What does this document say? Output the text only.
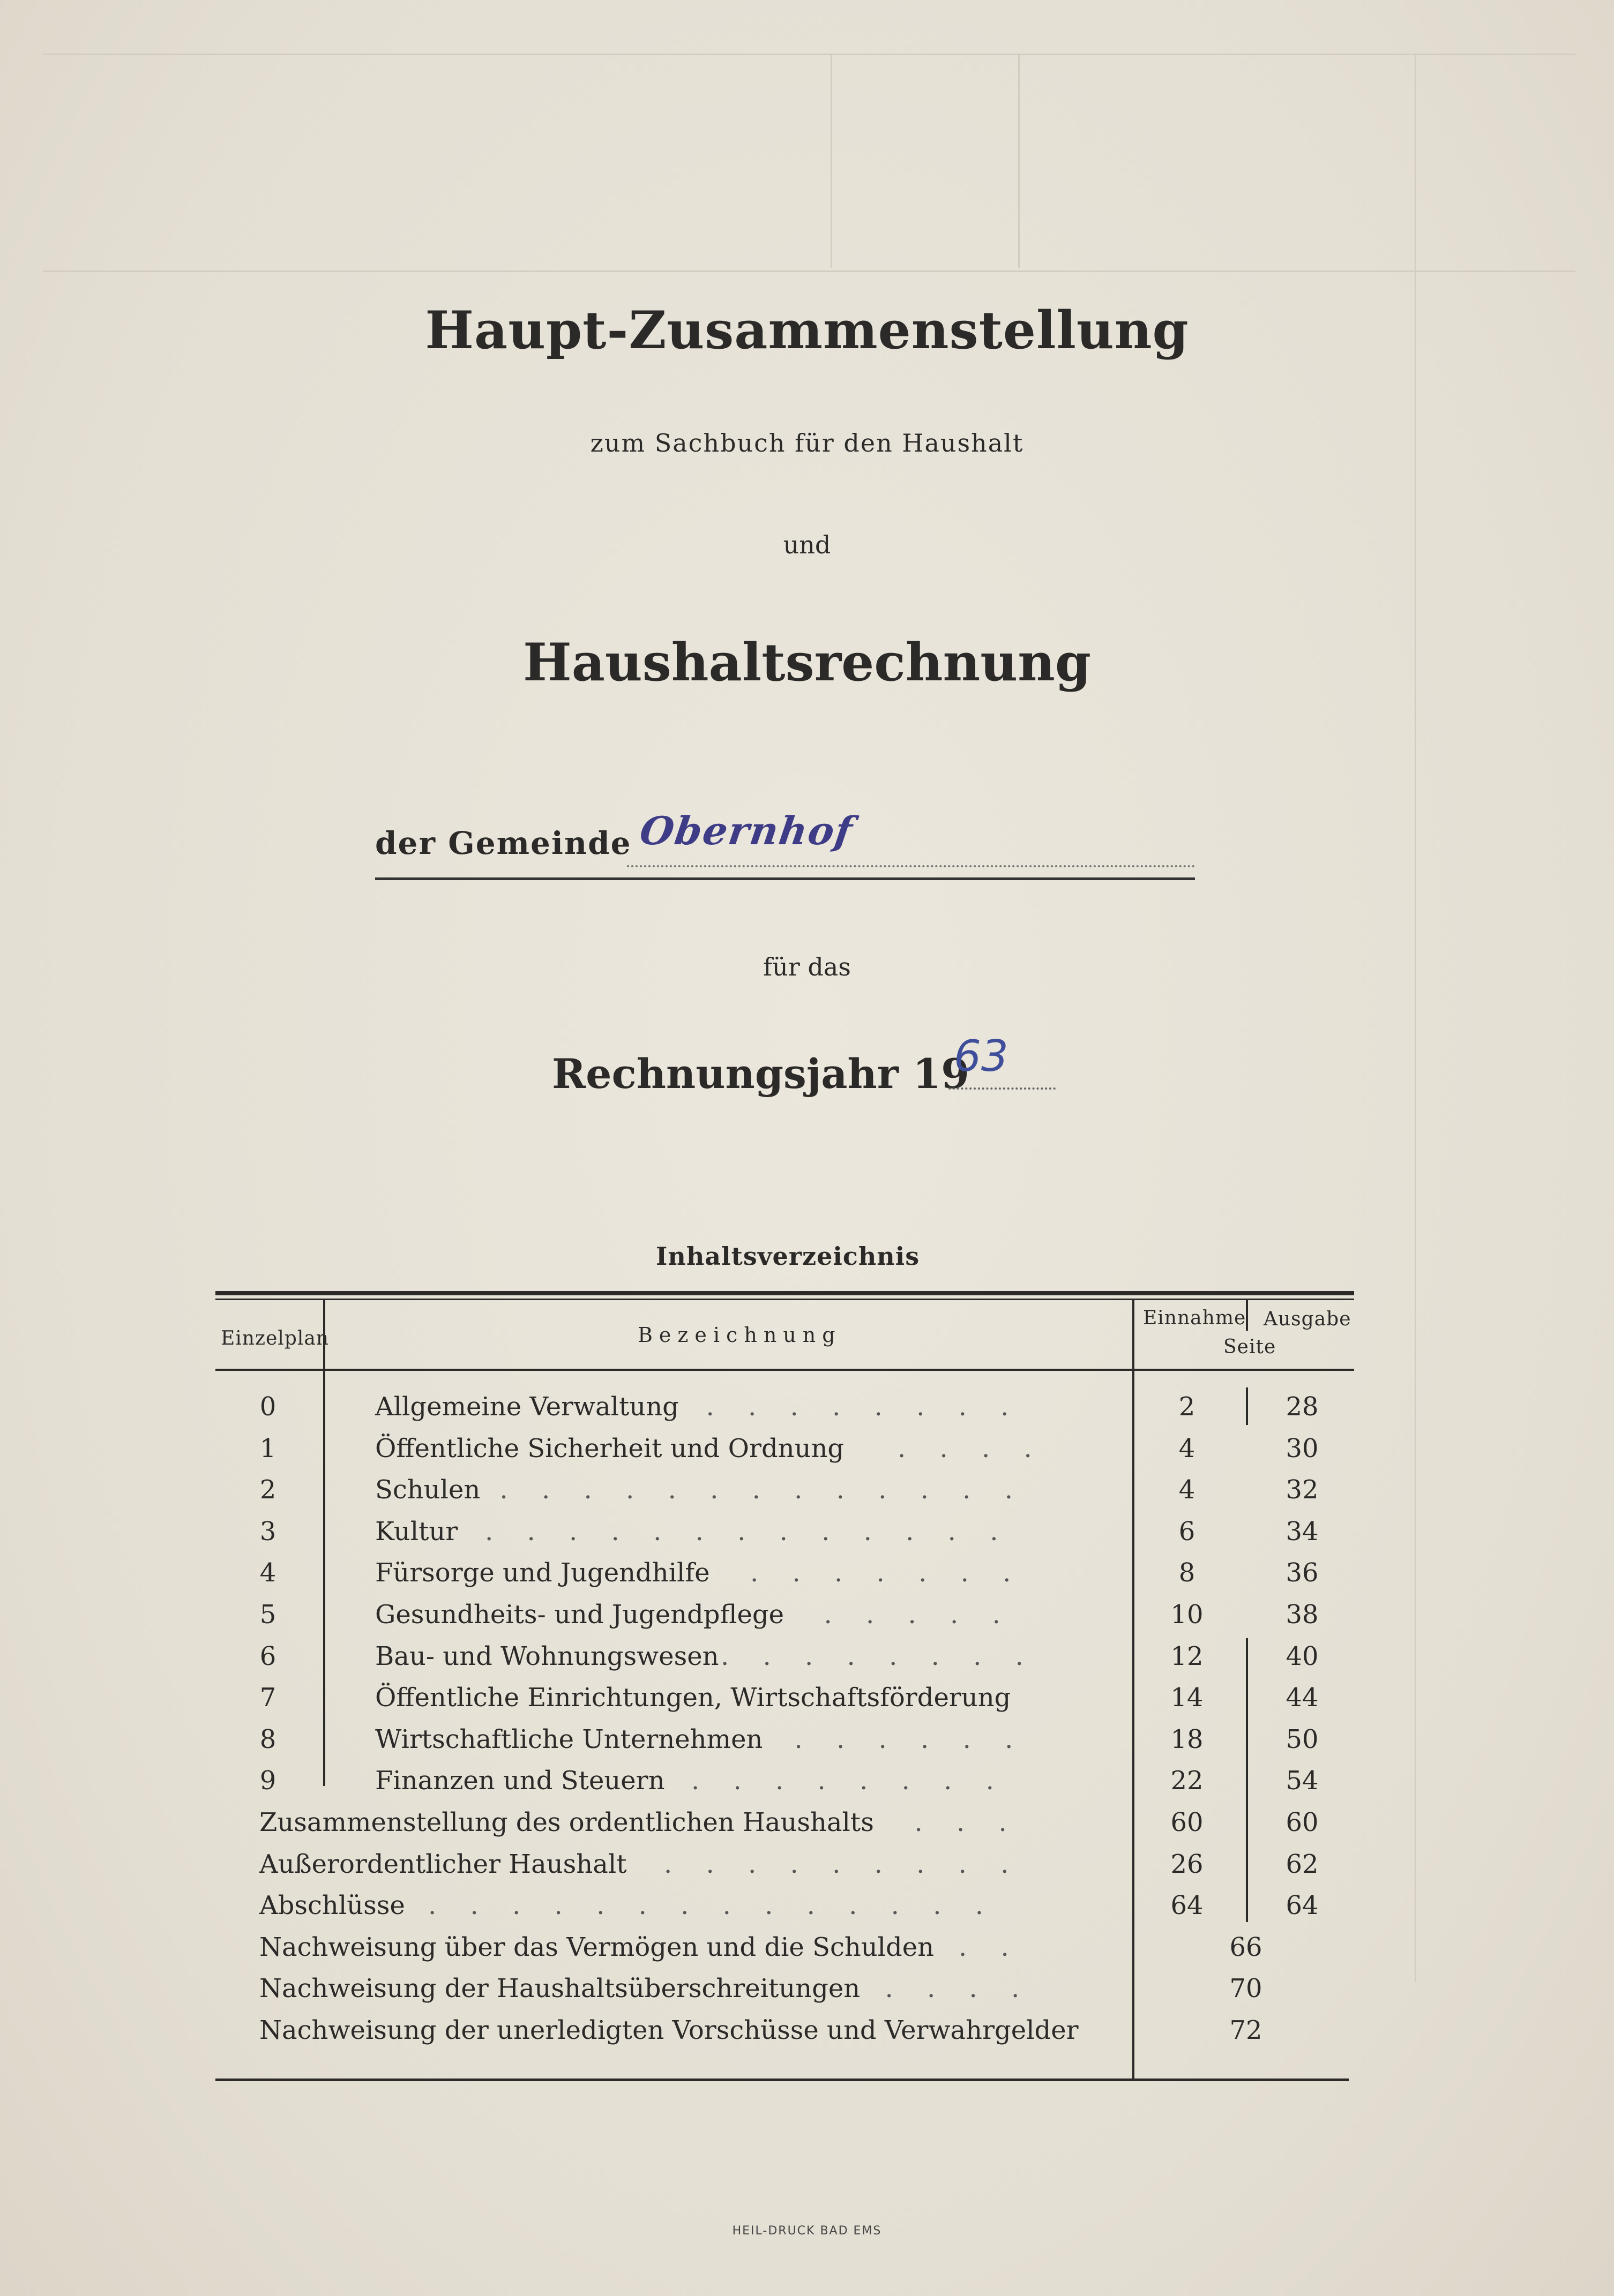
Haupt-Zusammenstellung
zum Sachbuch für den Haushalt
und
Haushaltsrechnung
der Gemeinde Obernhof
für das
Rechnungsjahr 19
63
Inhaltsverzeichnis
Einzelplan	Bezeichnung
Einnahme Ausgabe
Seite
0	Allgemeine Verwaltung	2	28
.  .  .  .  .  .  .  .
1	Öffentliche Sicherheit und Ordnung	4	30
.  .  .  .
2	Schulen	4	32
.  .  .  .  .  .  .  .  .  .  .  .  .
3	Kultur	6	34
.  .  .  .  .  .  .  .  .  .  .  .  .
4	Fürsorge und Jugendhilfe	8	36
.  .  .  .  .  .  .
5	Gesundheits- und Jugendpflege	10	38
.  .  .  .  .
6	Bau- und Wohnungswesen	12	40
.  .  .  .  .  .  .  .
7	Öffentliche Einrichtungen, Wirtschaftsförderung	14	44
8	Wirtschaftliche Unternehmen	18	50
.  .  .  .  .  .
9	Finanzen und Steuern	22	54
.  .  .  .  .  .  .  .
Zusammenstellung des ordentlichen Haushalts	60	60
.  .  .
Außerordentlicher Haushalt	26	62
.  .  .  .  .  .  .  .  .
Abschlüsse	64	64
.  .  .  .  .  .  .  .  .  .  .  .  .  .
Nachweisung über das Vermögen und die Schulden	66
.  .
Nachweisung der Haushaltsüberschreitungen	70
.  .  .  .
Nachweisung der unerledigten Vorschüsse und Verwahrgelder	72
HEIL-DRUCK BAD EMS
